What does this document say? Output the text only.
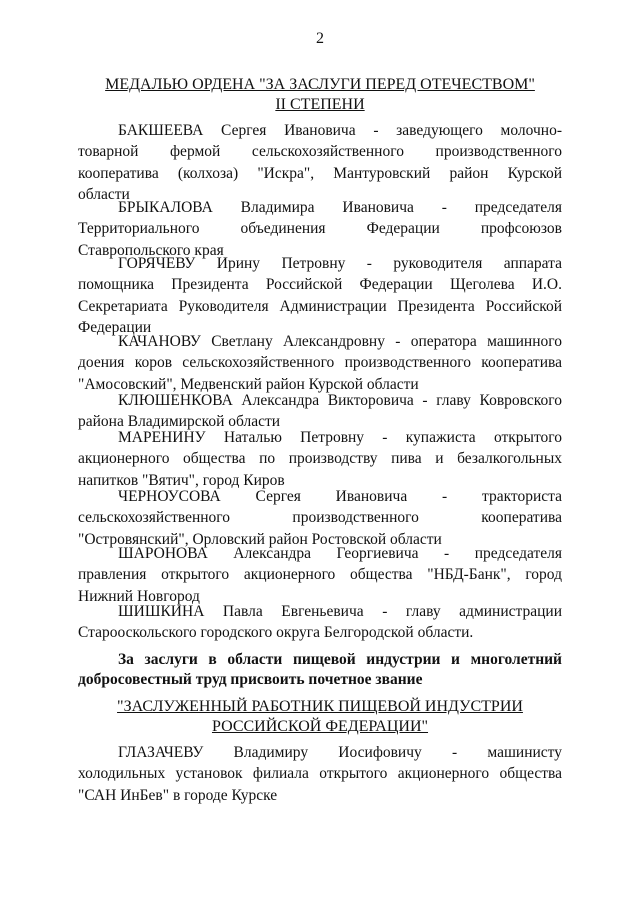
2
МЕДАЛЬЮ ОРДЕНА "ЗА ЗАСЛУГИ ПЕРЕД ОТЕЧЕСТВОМ"
II СТЕПЕНИ

БАКШЕЕВА Сергея Ивановича - заведующего молочно-

товарной фермой сельскохозяйственного производственного

кооператива (колхоза) "Искра", Мантуровский район Курской

области

БРЫКАЛОВА Владимира Ивановича - председателя

Территориального объединения Федерации профсоюзов

Ставропольского края

ГОРЯЧЕВУ Ирину Петровну - руководителя аппарата

помощника Президента Российской Федерации Щеголева И.О.

Секретариата Руководителя Администрации Президента Российской

Федерации

КАЧАНОВУ Светлану Александровну - оператора машинного

доения коров сельскохозяйственного производственного кооператива

"Амосовский", Медвенский район Курской области

КЛЮШЕНКОВА Александра Викторовича - главу Ковровского

района Владимирской области

МАРЕНИНУ Наталью Петровну - купажиста открытого

акционерного общества по производству пива и безалкогольных

напитков "Вятич", город Киров

ЧЕРНОУСОВА Сергея Ивановича - тракториста

сельскохозяйственного производственного кооператива

"Островянский", Орловский район Ростовской области

ШАРОНОВА Александра Георгиевича - председателя

правления открытого акционерного общества "НБД-Банк", город

Нижний Новгород

ШИШКИНА Павла Евгеньевича - главу администрации

Старооскольского городского округа Белгородской области.

За заслуги в области пищевой индустрии и многолетний

добросовестный труд присвоить почетное звание

"ЗАСЛУЖЕННЫЙ РАБОТНИК ПИЩЕВОЙ ИНДУСТРИИ
РОССИЙСКОЙ ФЕДЕРАЦИИ"

ГЛАЗАЧЕВУ Владимиру Иосифовичу - машинисту

холодильных установок филиала открытого акционерного общества

"САН ИнБев" в городе Курске
